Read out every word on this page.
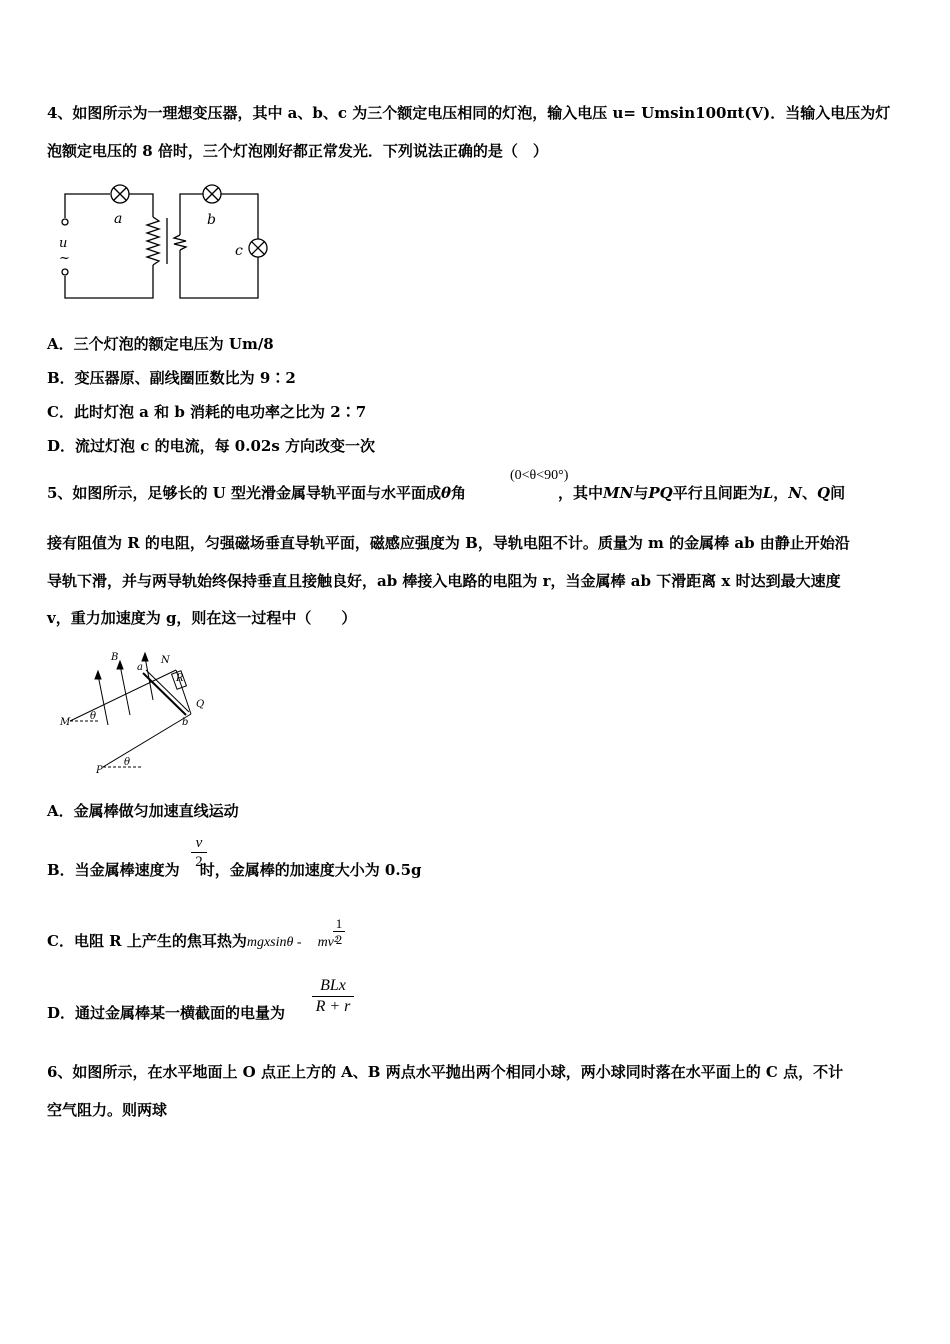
4、如图所示为一理想变压器，其中 a、b、c 为三个额定电压相同的灯泡，输入电压 u= Umsin100πt(V)．当输入电压为灯
泡额定电压的 8 倍时，三个灯泡刚好都正常发光．下列说法正确的是（　）
a	b
c
u
~
A．三个灯泡的额定电压为 Um/8
B．变压器原、副线圈匝数比为 9∶2
C．此时灯泡 a 和 b 消耗的电功率之比为 2∶7
D．流过灯泡 c 的电流，每 0.02s 方向改变一次
5、如图所示，足够长的 U 型光滑金属导轨平面与水平面成θ角	，其中MN与PQ平行且间距为L，N、Q间
(0<θ<90°)
接有阻值为 R 的电阻，匀强磁场垂直导轨平面，磁感应强度为 B，导轨电阻不计。质量为 m 的金属棒 ab 由静止开始沿
导轨下滑，并与两导轨始终保持垂直且接触良好，ab 棒接入电路的电阻为 r，当金属棒 ab 下滑距离 x 时达到最大速度
v，重力加速度为 g，则在这一过程中（　　）
B
a
N
R
Q
b
M
P
θ
θ
A．金属棒做匀加速直线运动
B．当金属棒速度为 时，金属棒的加速度大小为 0.5g
$\frac{v}{2}$
C．电阻 R 上产生的焦耳热为mgxsinθ - mv²
$\frac{1}{2}$
D．通过金属棒某一横截面的电量为
BLx
R + r
6、如图所示，在水平地面上 O 点正上方的 A、B 两点水平抛出两个相同小球，两小球同时落在水平面上的 C 点，不计
空气阻力。则两球
